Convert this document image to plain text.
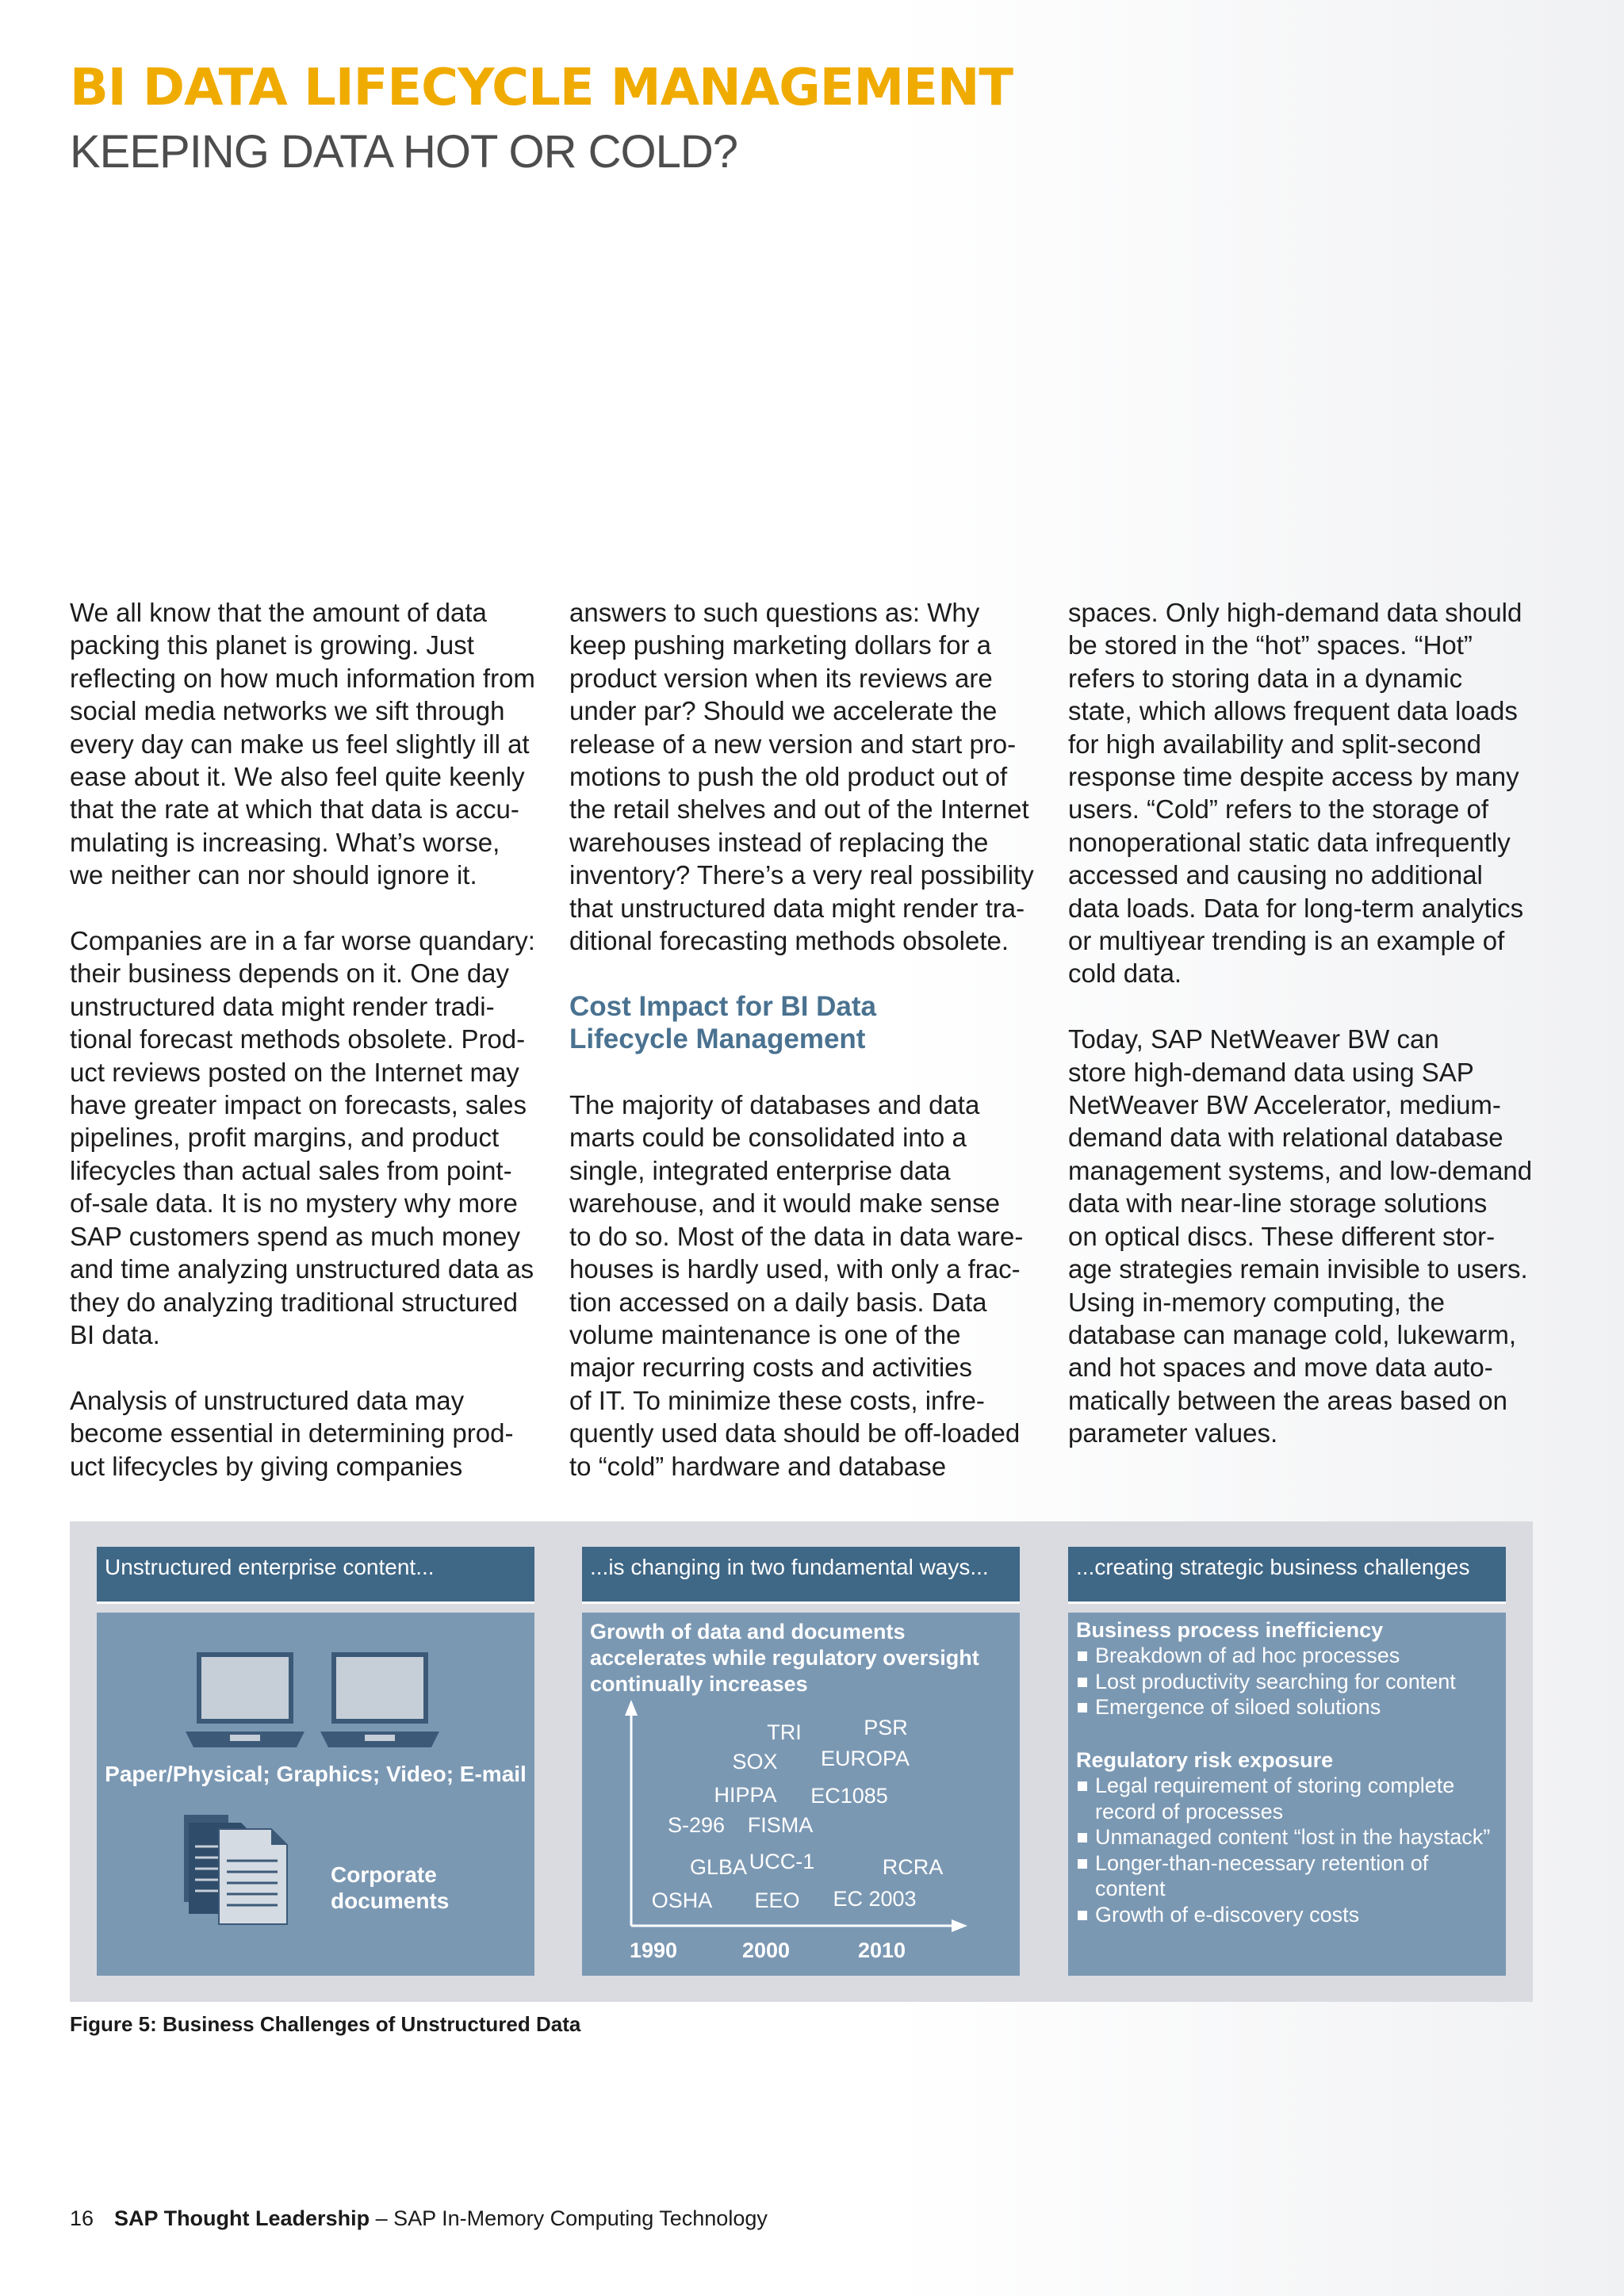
BI DATA LIFECYCLE MANAGEMENT
KEEPING DATA HOT OR COLD?

We all know that the amount of data
packing this planet is growing. Just
reflecting on how much information from
social media networks we sift through
every day can make us feel slightly ill at
ease about it. We also feel quite keenly
that the rate at which that data is accu-
mulating is increasing. What’s worse,
we neither can nor should ignore it.

Companies are in a far worse quandary:
their business depends on it. One day
unstructured data might render tradi-
tional forecast methods obsolete. Prod-
uct reviews posted on the Internet may
have greater impact on forecasts, sales
pipelines, profit margins, and product
lifecycles than actual sales from point-
of-sale data. It is no mystery why more
SAP customers spend as much money
and time analyzing unstructured data as
they do analyzing traditional structured
BI data.

Analysis of unstructured data may
become essential in determining prod-
uct lifecycles by giving companies

answers to such questions as: Why
keep pushing marketing dollars for a
product version when its reviews are
under par? Should we accelerate the
release of a new version and start pro-
motions to push the old product out of
the retail shelves and out of the Internet
warehouses instead of replacing the
inventory? There’s a very real possibility
that unstructured data might render tra-
ditional forecasting methods obsolete.

Cost Impact for BI Data
Lifecycle Management

The majority of databases and data
marts could be consolidated into a
single, integrated enterprise data
warehouse, and it would make sense
to do so. Most of the data in data ware-
houses is hardly used, with only a frac-
tion accessed on a daily basis. Data
volume maintenance is one of the
major recurring costs and activities
of IT. To minimize these costs, infre-
quently used data should be off-loaded
to “cold” hardware and database

spaces. Only high-demand data should
be stored in the “hot” spaces. “Hot”
refers to storing data in a dynamic
state, which allows frequent data loads
for high availability and split-second
response time despite access by many
users. “Cold” refers to the storage of
nonoperational static data infrequently
accessed and causing no additional
data loads. Data for long-term analytics
or multiyear trending is an example of
cold data.

Today, SAP NetWeaver BW can
store high-demand data using SAP
NetWeaver BW Accelerator, medium-
demand data with relational database
management systems, and low-demand
data with near-line storage solutions
on optical discs. These different stor-
age strategies remain invisible to users.
Using in-memory computing, the
database can manage cold, lukewarm,
and hot spaces and move data auto-
matically between the areas based on
parameter values.

Unstructured enterprise content...
Paper/Physical; Graphics; Video; E-mail
Corporate
documents
...is changing in two fundamental ways...
Growth of data and documents accelerates while regulatory oversight continually increases
TRI	PSR
SOX EUROPA
HIPPA EC1085
S-296 FISMA
GLBA UCC-1	RCRA
OSHA EEO EC 2003
1990	2000	2010
...creating strategic business challenges
Business process inefficiency
Breakdown of ad hoc processes
Lost productivity searching for content
Emergence of siloed solutions
Regulatory risk exposure
Legal requirement of storing complete record of processes
Unmanaged content “lost in the haystack”
Longer-than-necessary retention of content
Growth of e-discovery costs

Figure 5: Business Challenges of Unstructured Data

16 SAP Thought Leadership – SAP In-Memory Computing Technology
